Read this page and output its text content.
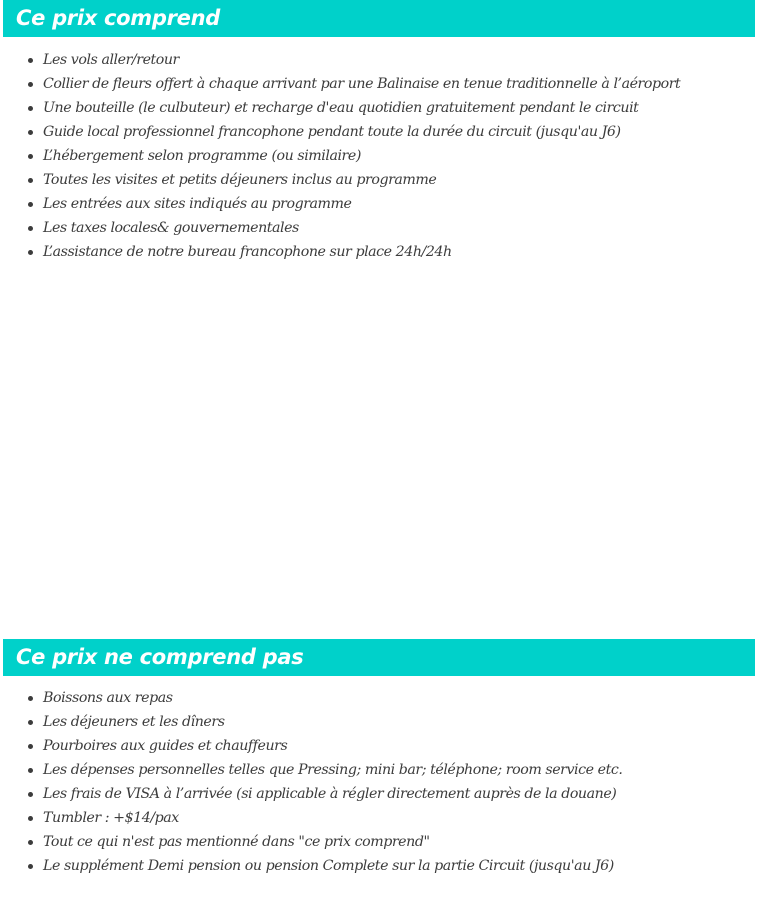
Ce prix comprend
Les vols aller/retour
Collier de fleurs offert à chaque arrivant par une Balinaise en tenue traditionnelle à l’aéroport
Une bouteille (le culbuteur) et recharge d'eau quotidien gratuitement pendant le circuit
Guide local professionnel francophone pendant toute la durée du circuit (jusqu'au J6)
L’hébergement selon programme (ou similaire)
Toutes les visites et petits déjeuners inclus au programme
Les entrées aux sites indiqués au programme
Les taxes locales& gouvernementales
L’assistance de notre bureau francophone sur place 24h/24h
Ce prix ne comprend pas
Boissons aux repas
Les déjeuners et les dîners
Pourboires aux guides et chauffeurs
Les dépenses personnelles telles que Pressing; mini bar; téléphone; room service etc.
Les frais de VISA à l’arrivée (si applicable à régler directement auprès de la douane)
Tumbler : +$14/pax
Tout ce qui n'est pas mentionné dans "ce prix comprend"
Le supplément Demi pension ou pension Complete sur la partie Circuit (jusqu'au J6)
